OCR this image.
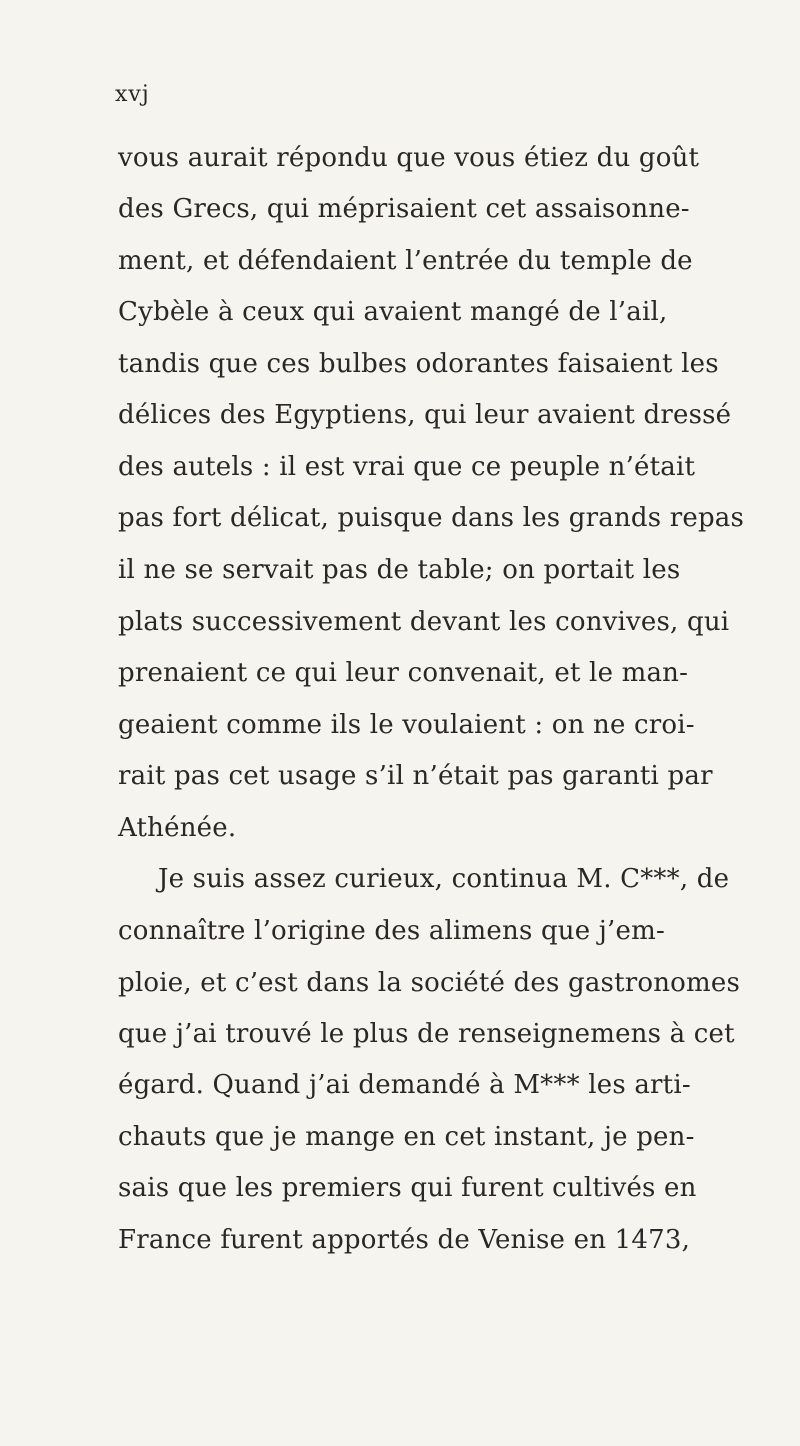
xvj
vous aurait répondu que vous étiez du goût
des Grecs, qui méprisaient cet assaisonne-
ment, et défendaient l’entrée du temple de
Cybèle à ceux qui avaient mangé de l’ail,
tandis que ces bulbes odorantes faisaient les
délices des Egyptiens, qui leur avaient dressé
des autels : il est vrai que ce peuple n’était
pas fort délicat, puisque dans les grands repas
il ne se servait pas de table; on portait les
plats successivement devant les convives, qui
prenaient ce qui leur convenait, et le man-
geaient comme ils le voulaient : on ne croi-
rait pas cet usage s’il n’était pas garanti par
Athénée.
Je suis assez curieux, continua M. C***, de
connaître l’origine des alimens que j’em-
ploie, et c’est dans la société des gastronomes
que j’ai trouvé le plus de renseignemens à cet
égard. Quand j’ai demandé à M*** les arti-
chauts que je mange en cet instant, je pen-
sais que les premiers qui furent cultivés en
France furent apportés de Venise en 1473,
